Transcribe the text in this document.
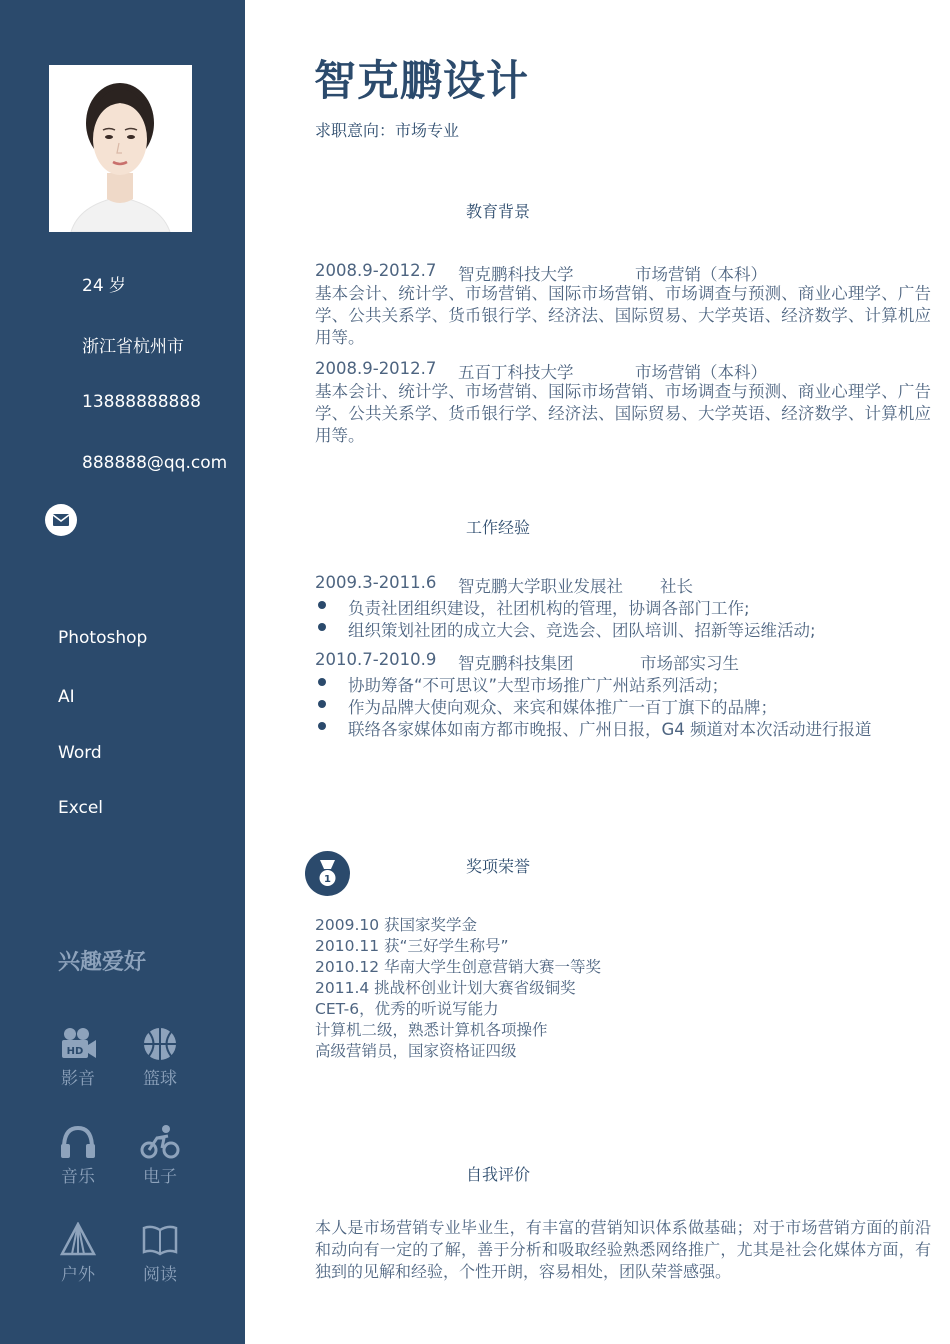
24 岁
浙江省杭州市
13888888888
888888@qq.com
Photoshop
AI
Word
Excel
兴趣爱好
HD
影音	篮球
音乐	电子
户外	阅读
智克鹏设计
求职意向：市场专业
教育背景
2008.9-2012.7 智克鹏科技大学	市场营销（本科）
基本会计、统计学、市场营销、国际市场营销、市场调查与预测、商业心理学、广告学、公共关系学、货币银行学、经济法、国际贸易、大学英语、经济数学、计算机应用等。
2008.9-2012.7 五百丁科技大学	市场营销（本科）
基本会计、统计学、市场营销、国际市场营销、市场调查与预测、商业心理学、广告学、公共关系学、货币银行学、经济法、国际贸易、大学英语、经济数学、计算机应用等。
工作经验
2009.3-2011.6 智克鹏大学职业发展社 社长
负责社团组织建设，社团机构的管理，协调各部门工作;
组织策划社团的成立大会、竞选会、团队培训、招新等运维活动;
2010.7-2010.9 智克鹏科技集团	市场部实习生
协助筹备“不可思议”大型市场推广广州站系列活动；
作为品牌大使向观众、来宾和媒体推广一百丁旗下的品牌；
联络各家媒体如南方都市晚报、广州日报，G4 频道对本次活动进行报道
1
奖项荣誉
2009.10 获国家奖学金
2010.11 获“三好学生称号”
2010.12 华南大学生创意营销大赛一等奖
2011.4 挑战杯创业计划大赛省级铜奖
CET-6，优秀的听说写能力
计算机二级，熟悉计算机各项操作
高级营销员，国家资格证四级
自我评价
本人是市场营销专业毕业生，有丰富的营销知识体系做基础；对于市场营销方面的前沿和动向有一定的了解，善于分析和吸取经验熟悉网络推广，尤其是社会化媒体方面，有独到的见解和经验，个性开朗，容易相处，团队荣誉感强。
